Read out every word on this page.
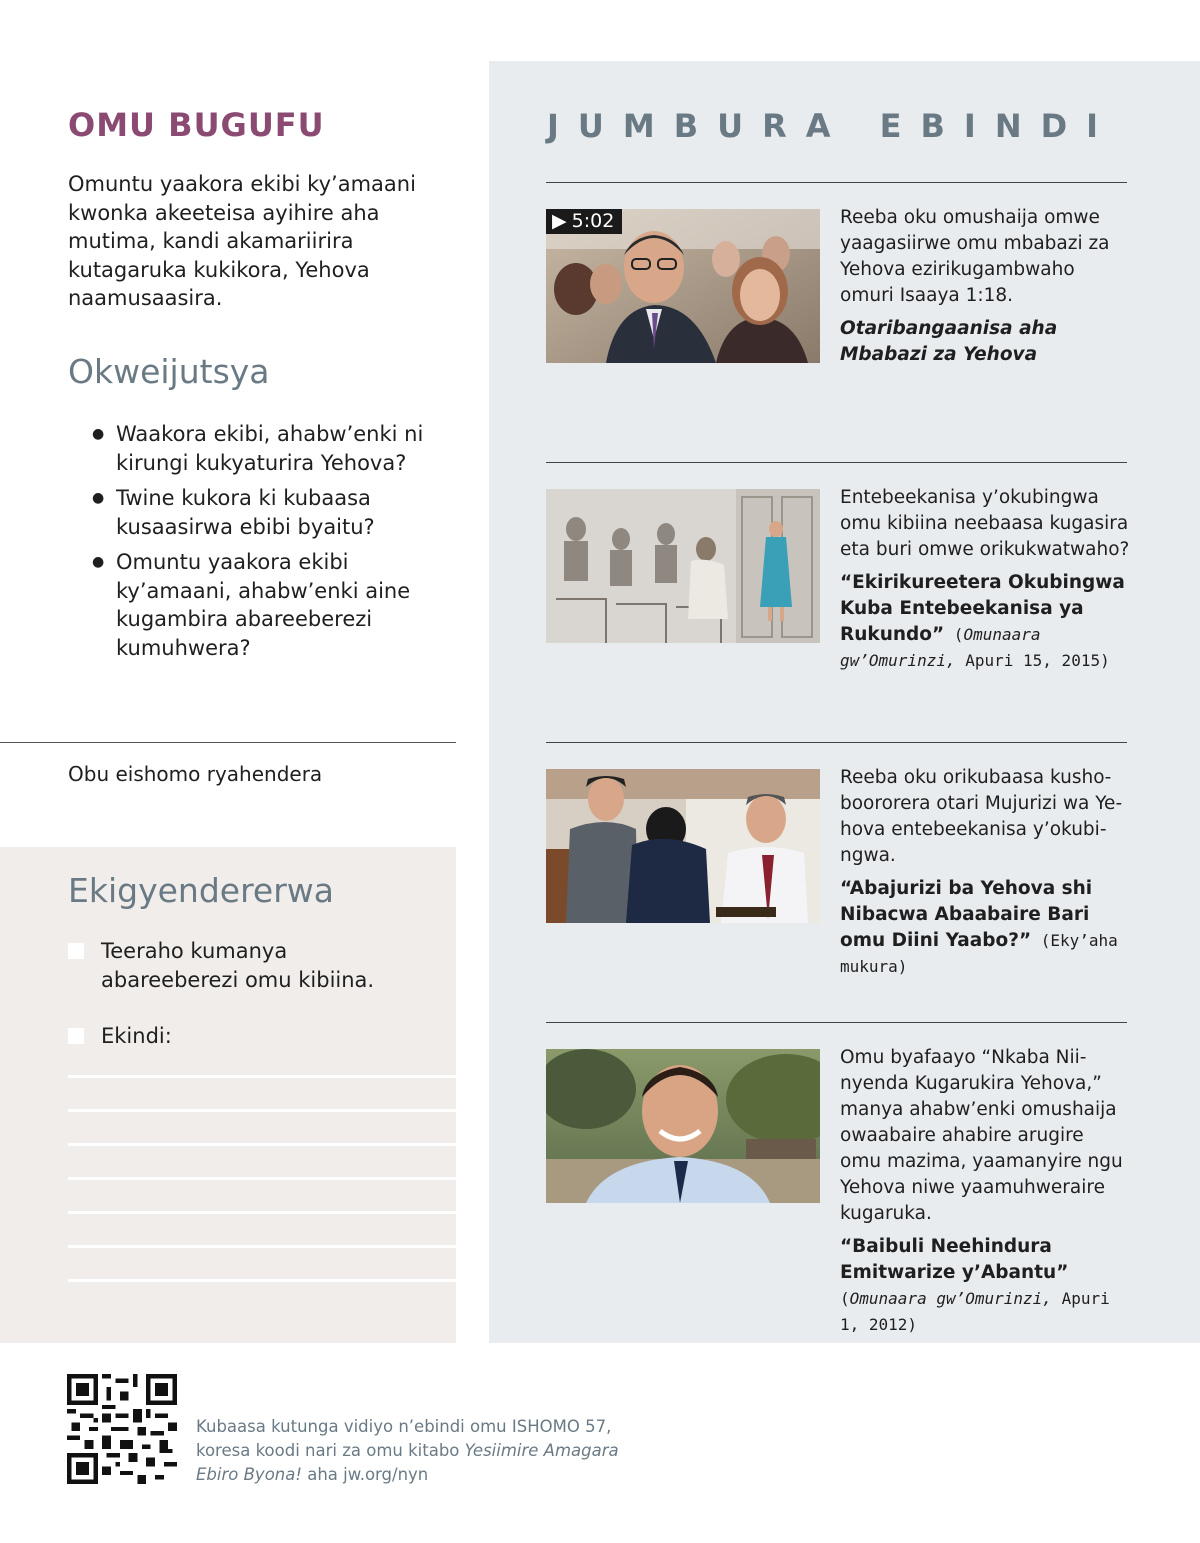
OMU BUGUFU

Omuntu yaakora ekibi ky’amaani kwonka akeeteisa ayihire aha mutima, kandi akamariirira kutagaruka kukikora, Yehova naamusaasira.

Okweijutsya
● Waakora ekibi, ahabw’enki ni kirungi kukyaturira Yehova?
● Twine kukora ki kubaasa kusaasirwa ebibi byaitu?
● Omuntu yaakora ekibi ky’amaani, ahabw’enki aine kugambira abareeberezi kumuhwera?
Obu eishomo ryahendera
Ekigyendererwa
Teeraho kumanya abareeberezi omu kibiina.
Ekindi:
JUMBURA EBINDI
▶ 5:02	Reeba oku omushaija omwe yaagasiirwe omu mbabazi za Yehova ezirikugambwaho omuri Isaaya 1:18.
Otaribangaanisa aha Mbabazi za Yehova
Entebeekanisa y’okubingwa omu kibiina neebaasa kugasira eta buri omwe orikukwatwaho?
“Ekirikureetera Okubingwa Kuba Entebeekanisa ya Rukundo” (Omunaara gw’Omurinzi, Apuri 15, 2015)
Reeba oku orikubaasa kushoboororera otari Mujurizi wa Yehova entebeekanisa y’okubingwa.
“Abajurizi ba Yehova shi Nibacwa Abaabaire Bari omu Diini Yaabo?” (Eky’aha mukura)
Omu byafaayo “Nkaba Niinyenda Kugarukira Yehova,” manya ahabw’enki omushaija owaabaire ahabire arugire omu mazima, yaamanyire ngu Yehova niwe yaamuhweraire kugaruka.
“Baibuli Neehindura Emitwarize y’Abantu” (Omunaara gw’Omurinzi, Apuri 1, 2012)

Kubaasa kutunga vidiyo n’ebindi omu ISHOMO 57, koresa koodi nari za omu kitabo Yesiimire Amagara Ebiro Byona! aha jw.org/nyn
